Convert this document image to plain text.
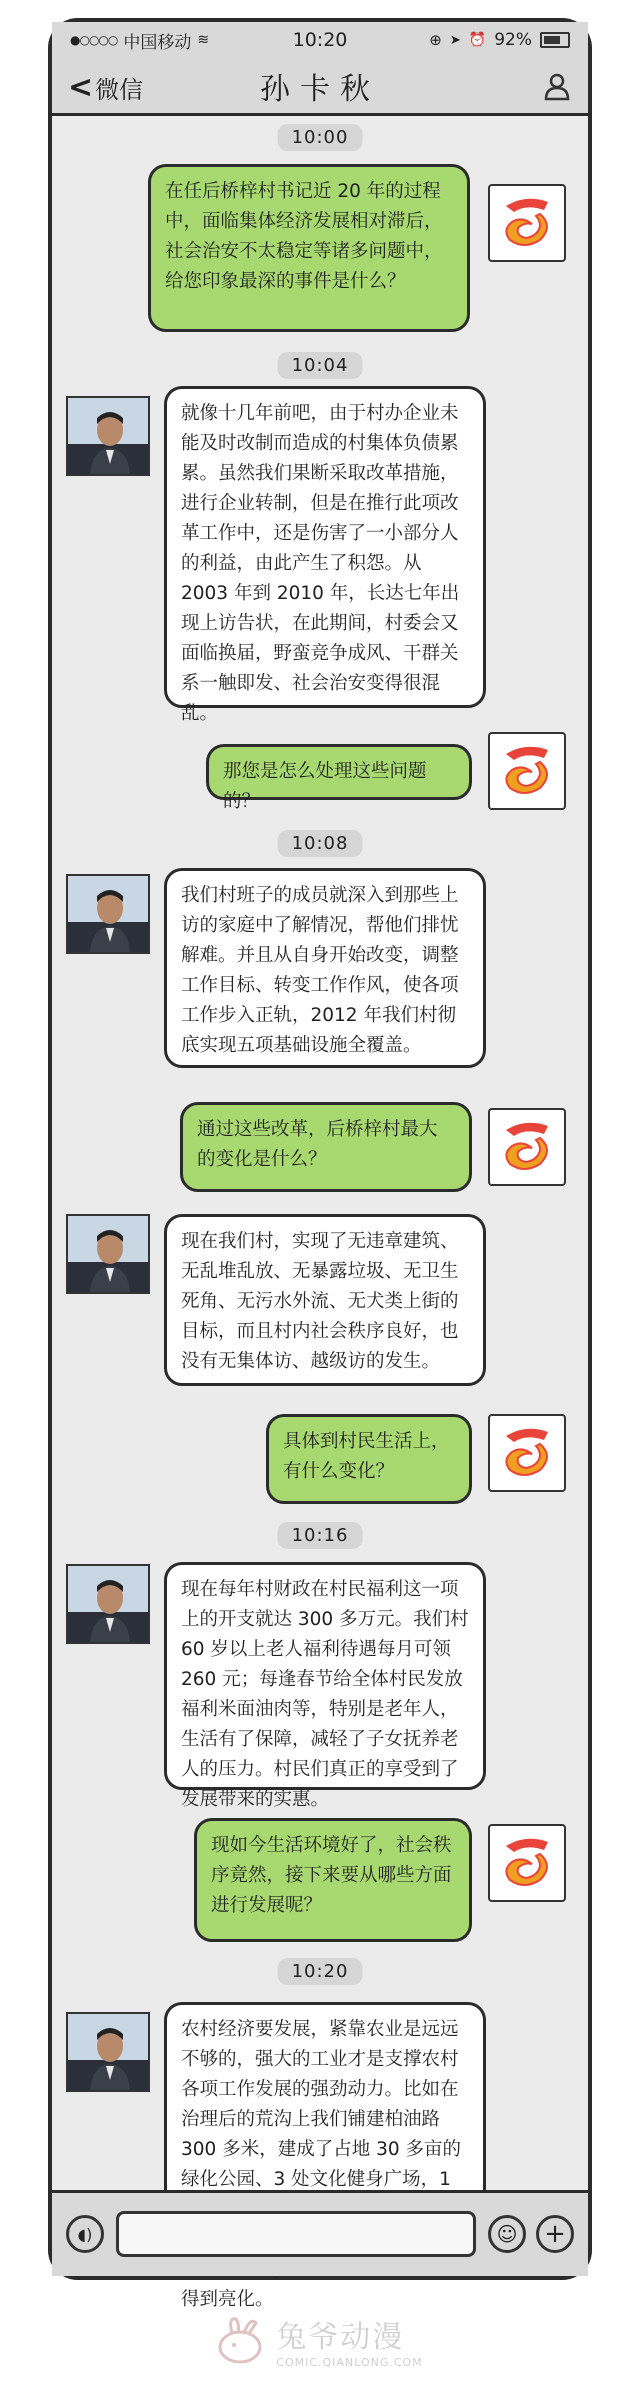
●○○○○ 中国移动 ≋	10:20	⊕ ➤ ⏰ 92%
< 微信	孙卡秋
10:00
在任后桥梓村书记近 20 年的过程中，面临集体经济发展相对滞后，社会治安不太稳定等诸多问题中，给您印象最深的事件是什么？
10:04
就像十几年前吧，由于村办企业未能及时改制而造成的村集体负债累累。虽然我们果断采取改革措施，进行企业转制，但是在推行此项改革工作中，还是伤害了一小部分人的利益，由此产生了积怨。从 2003 年到 2010 年，长达七年出现上访告状，在此期间，村委会又面临换届，野蛮竞争成风、干群关系一触即发、社会治安变得很混乱。
那您是怎么处理这些问题的？
10:08
我们村班子的成员就深入到那些上访的家庭中了解情况，帮他们排忧解难。并且从自身开始改变，调整工作目标、转变工作作风，使各项工作步入正轨，2012 年我们村彻底实现五项基础设施全覆盖。
通过这些改革，后桥梓村最大的变化是什么？
现在我们村，实现了无违章建筑、无乱堆乱放、无暴露垃圾、无卫生死角、无污水外流、无犬类上街的目标，而且村内社会秩序良好，也没有无集体访、越级访的发生。
具体到村民生活上，有什么变化？
10:16
现在每年村财政在村民福利这一项上的开支就达 300 多万元。我们村 60 岁以上老人福利待遇每月可领 260 元；每逢春节给全体村民发放福利米面油肉等，特别是老年人，生活有了保障，减轻了子女抚养老人的压力。村民们真正的享受到了发展带来的实惠。
现如今生活环境好了，社会秩序竟然，接下来要从哪些方面进行发展呢？
10:20
农村经济要发展，紧靠农业是远远不够的，强大的工业才是支撑农村各项工作发展的强劲动力。比如在治理后的荒沟上我们铺建柏油路 300 多米，建成了占地 30 多亩的绿化公园、3 处文化健身广场，1 得到亮化。
◖)	☺ +
兔爷动漫
COMIC.QIANLONG.COM
